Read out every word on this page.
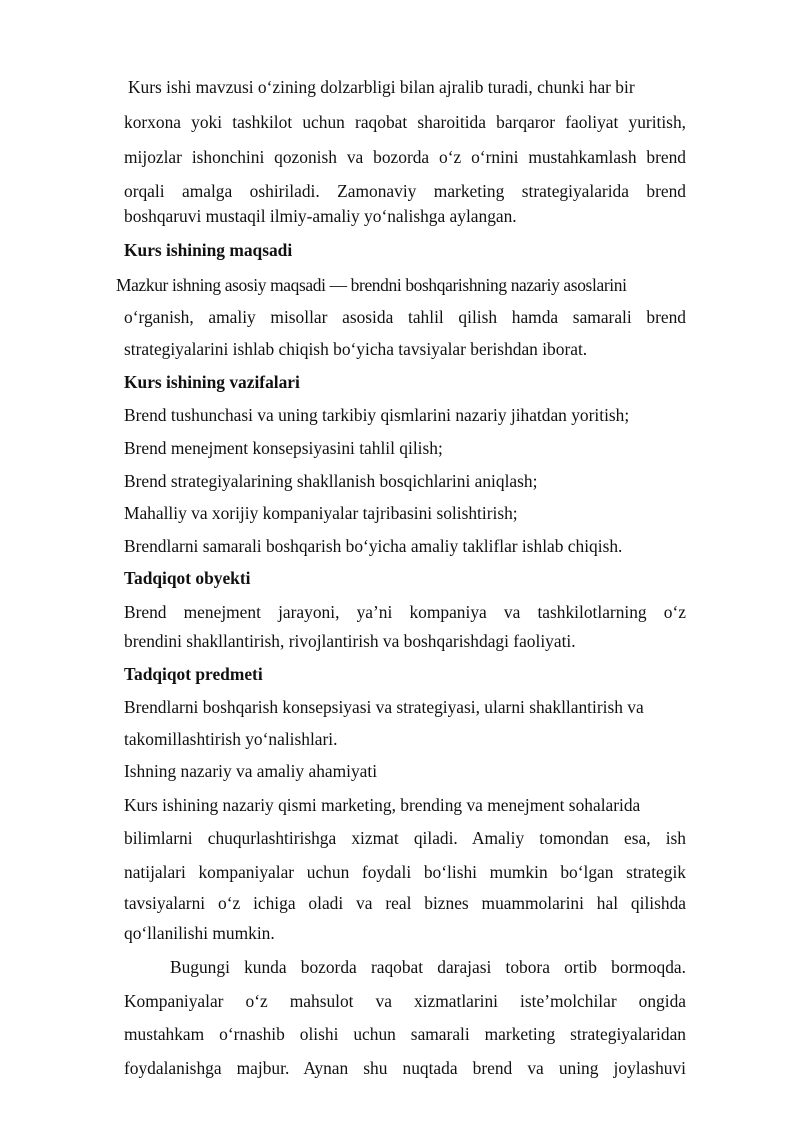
Kurs ishi mavzusi o‘zining dolzarbligi bilan ajralib turadi, chunki har bir
korxona yoki tashkilot uchun raqobat sharoitida barqaror faoliyat yuritish,
mijozlar ishonchini qozonish va bozorda o‘z o‘rnini mustahkamlash brend
orqali amalga oshiriladi. Zamonaviy marketing strategiyalarida brend
boshqaruvi mustaqil ilmiy-amaliy yo‘nalishga aylangan.
Kurs ishining maqsadi
Mazkur ishning asosiy maqsadi — brendni boshqarishning nazariy asoslarini
o‘rganish, amaliy misollar asosida tahlil qilish hamda samarali brend
strategiyalarini ishlab chiqish bo‘yicha tavsiyalar berishdan iborat.
Kurs ishining vazifalari
Brend tushunchasi va uning tarkibiy qismlarini nazariy jihatdan yoritish;
Brend menejment konsepsiyasini tahlil qilish;
Brend strategiyalarining shakllanish bosqichlarini aniqlash;
Mahalliy va xorijiy kompaniyalar tajribasini solishtirish;
Brendlarni samarali boshqarish bo‘yicha amaliy takliflar ishlab chiqish.
Tadqiqot obyekti
Brend menejment jarayoni, ya’ni kompaniya va tashkilotlarning o‘z
brendini shakllantirish, rivojlantirish va boshqarishdagi faoliyati.
Tadqiqot predmeti
Brendlarni boshqarish konsepsiyasi va strategiyasi, ularni shakllantirish va
takomillashtirish yo‘nalishlari.
Ishning nazariy va amaliy ahamiyati
Kurs ishining nazariy qismi marketing, brending va menejment sohalarida
bilimlarni chuqurlashtirishga xizmat qiladi. Amaliy tomondan esa, ish
natijalari kompaniyalar uchun foydali bo‘lishi mumkin bo‘lgan strategik
tavsiyalarni o‘z ichiga oladi va real biznes muammolarini hal qilishda
qo‘llanilishi mumkin.
Bugungi kunda bozorda raqobat darajasi tobora ortib bormoqda.
Kompaniyalar o‘z mahsulot va xizmatlarini iste’molchilar ongida
mustahkam o‘rnashib olishi uchun samarali marketing strategiyalaridan
foydalanishga majbur. Aynan shu nuqtada brend va uning joylashuvi
